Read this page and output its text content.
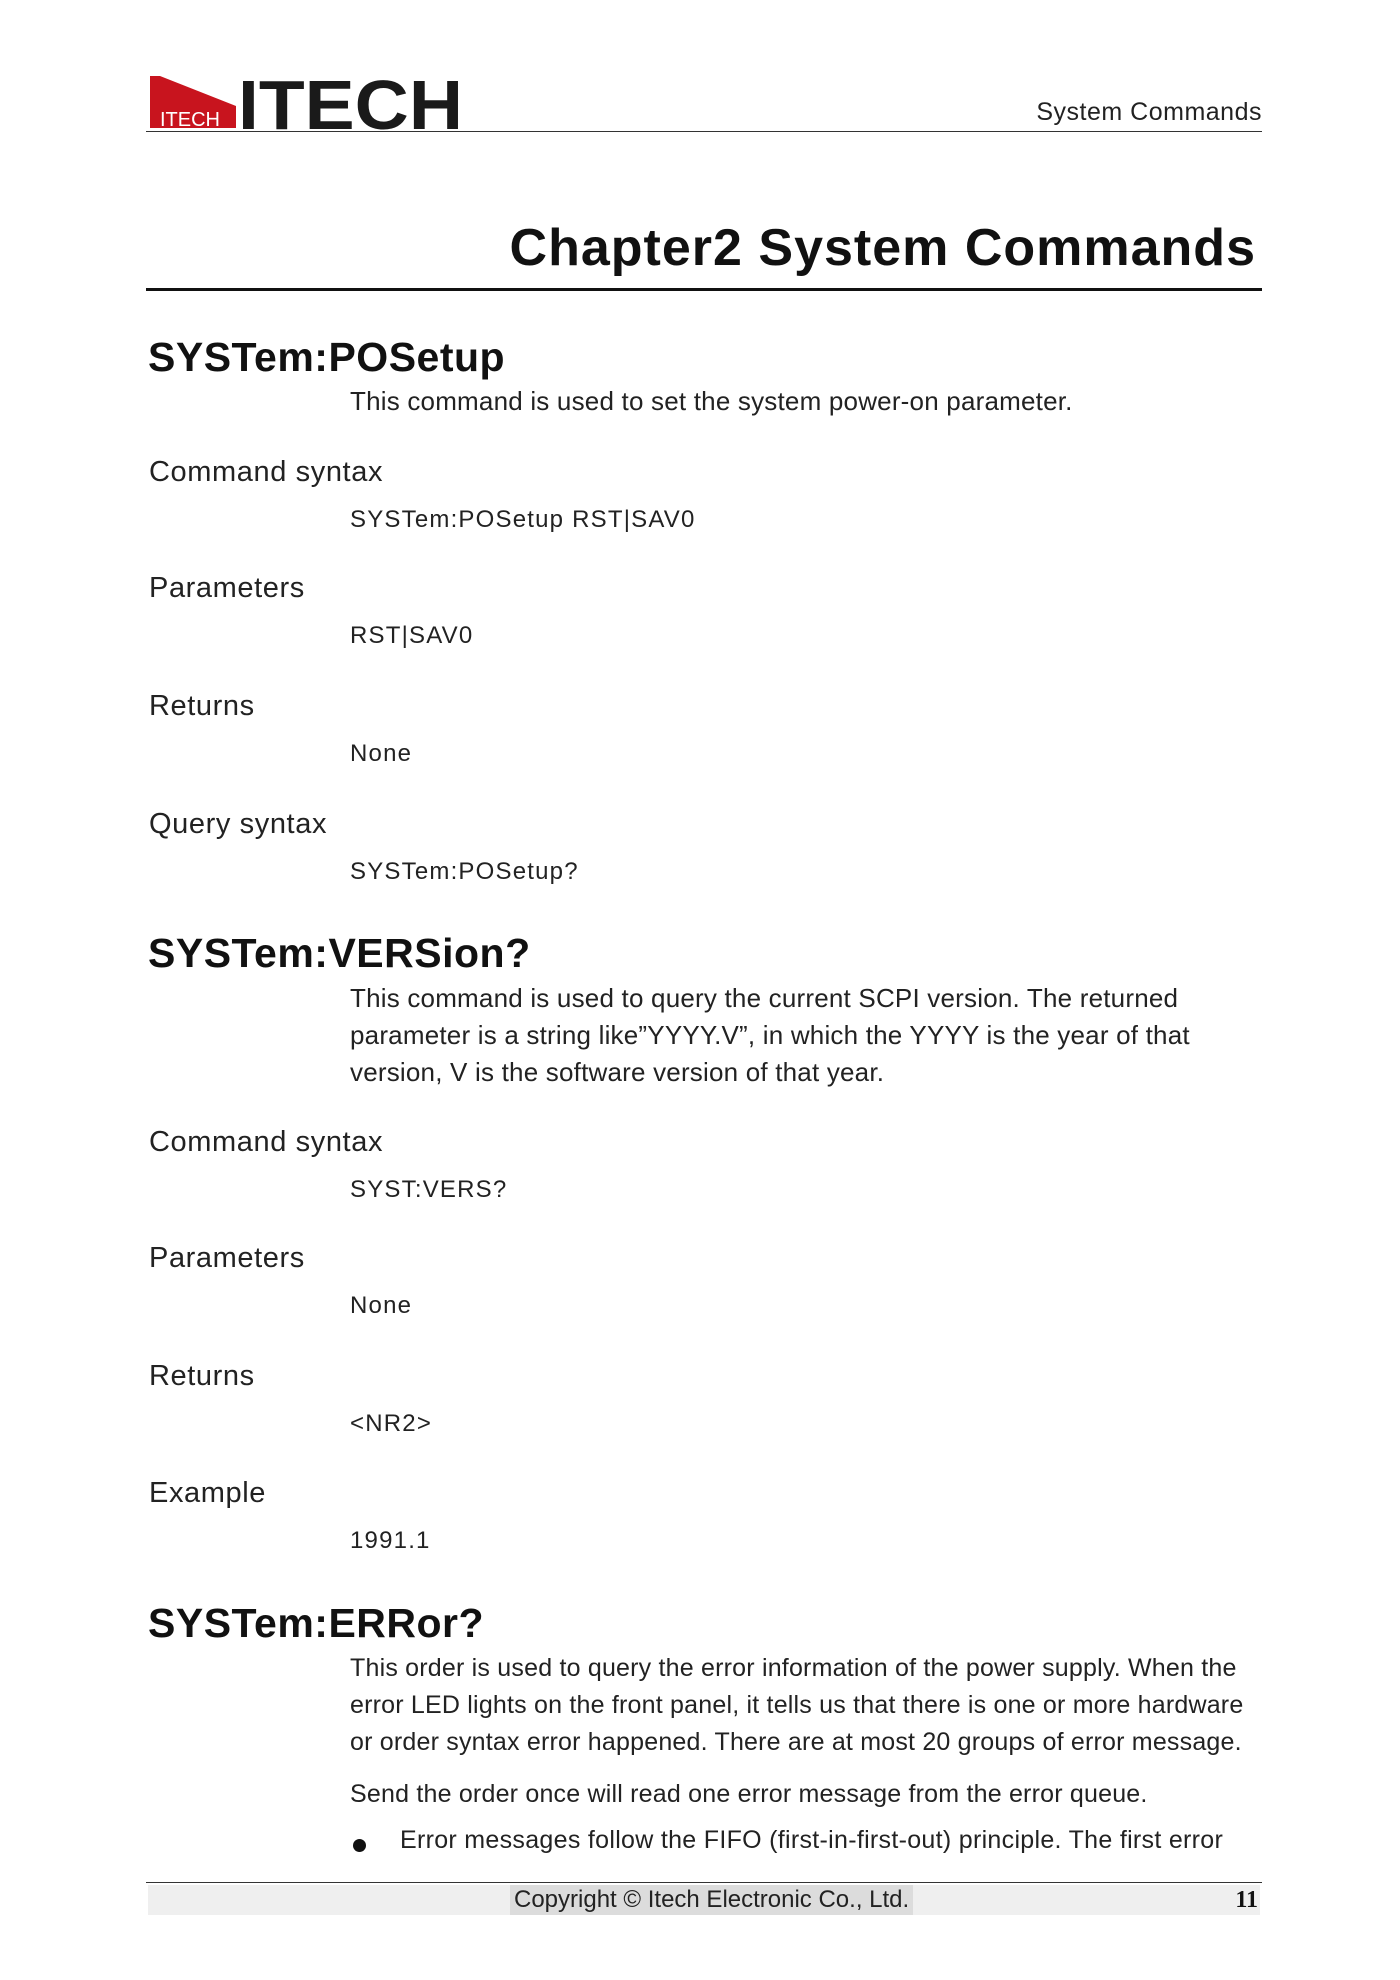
ITECH ITECH	System Commands
Chapter2 System Commands
SYSTem:POSetup
This command is used to set the system power-on parameter.
Command syntax
SYSTem:POSetup RST|SAV0
Parameters
RST|SAV0
Returns
None
Query syntax
SYSTem:POSetup?
SYSTem:VERSion?
This command is used to query the current SCPI version. The returned
parameter is a string like”YYYY.V”, in which the YYYY is the year of that
version, V is the software version of that year.
Command syntax
SYST:VERS?
Parameters
None
Returns
<NR2>
Example
1991.1
SYSTem:ERRor?
This order is used to query the error information of the power supply. When the
error LED lights on the front panel, it tells us that there is one or more hardware
or order syntax error happened. There are at most 20 groups of error message.
Send the order once will read one error message from the error queue.
Error messages follow the FIFO (first-in-first-out) principle. The first error
Copyright © Itech Electronic Co., Ltd.	11
